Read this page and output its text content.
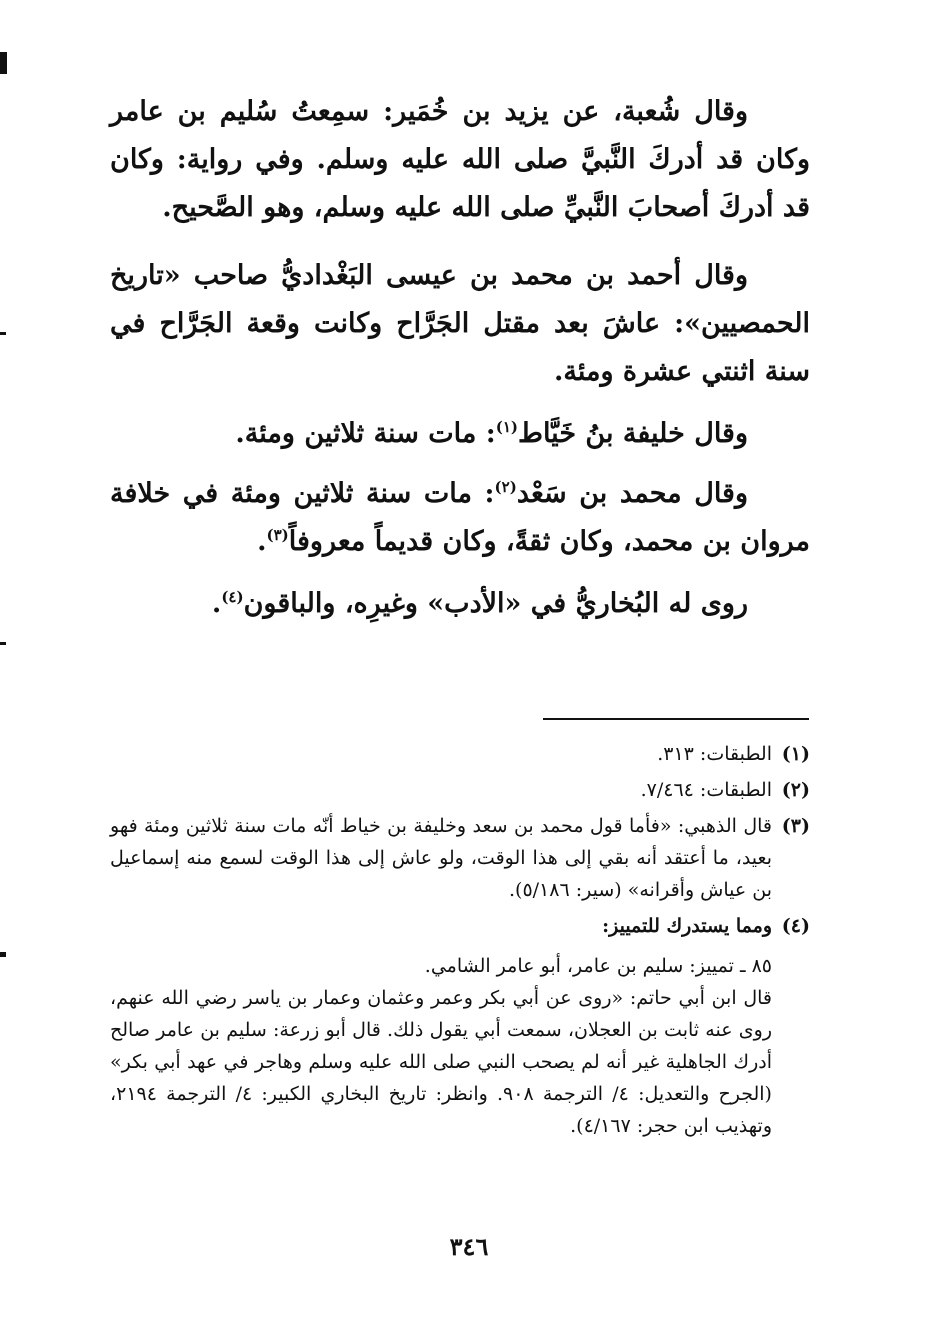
وقال شُعبة، عن يزيد بن خُمَير: سمِعتُ سُليم بن عامر وكان قد أدركَ النَّبيَّ صلى الله عليه وسلم. وفي رواية: وكان قد أدركَ أصحابَ النَّبيِّ صلى الله عليه وسلم، وهو الصَّحيح.

وقال أحمد بن محمد بن عيسى البَغْداديُّ صاحب «تاريخ الحمصيين»: عاشَ بعد مقتل الجَرَّاح وكانت وقعة الجَرَّاح في سنة اثنتي عشرة ومئة.

وقال خليفة بنُ خَيَّاط$^{(١)}$: مات سنة ثلاثين ومئة.

وقال محمد بن سَعْد$^{(٢)}$: مات سنة ثلاثين ومئة في خلافة مروان بن محمد، وكان ثقةً، وكان قديماً معروفاً$^{(٣)}$.

روى له البُخاريُّ في «الأدب» وغيرِه، والباقون$^{(٤)}$.

(١)
الطبقات: ٣١٣.
(٢)
الطبقات: ٧/٤٦٤.
(٣)
قال الذهبي: «فأما قول محمد بن سعد وخليفة بن خياط أنّه مات سنة ثلاثين ومئة فهو بعيد، ما أعتقد أنه بقي إلى هذا الوقت، ولو عاش إلى هذا الوقت لسمع منه إسماعيل بن عياش وأقرانه» (سير: ٥/١٨٦).
(٤)
ومما يستدرك للتمييز:

٨٥ ـ تمييز: سليم بن عامر، أبو عامر الشامي.

قال ابن أبي حاتم: «روى عن أبي بكر وعمر وعثمان وعمار بن ياسر رضي الله عنهم، روى عنه ثابت بن العجلان، سمعت أبي يقول ذلك. قال أبو زرعة: سليم بن عامر صالح أدرك الجاهلية غير أنه لم يصحب النبي صلى الله عليه وسلم وهاجر في عهد أبي بكر» (الجرح والتعديل: ٤/ الترجمة ٩٠٨. وانظر: تاريخ البخاري الكبير: ٤/ الترجمة ٢١٩٤، وتهذيب ابن حجر: ٤/١٦٧).

٣٤٦
